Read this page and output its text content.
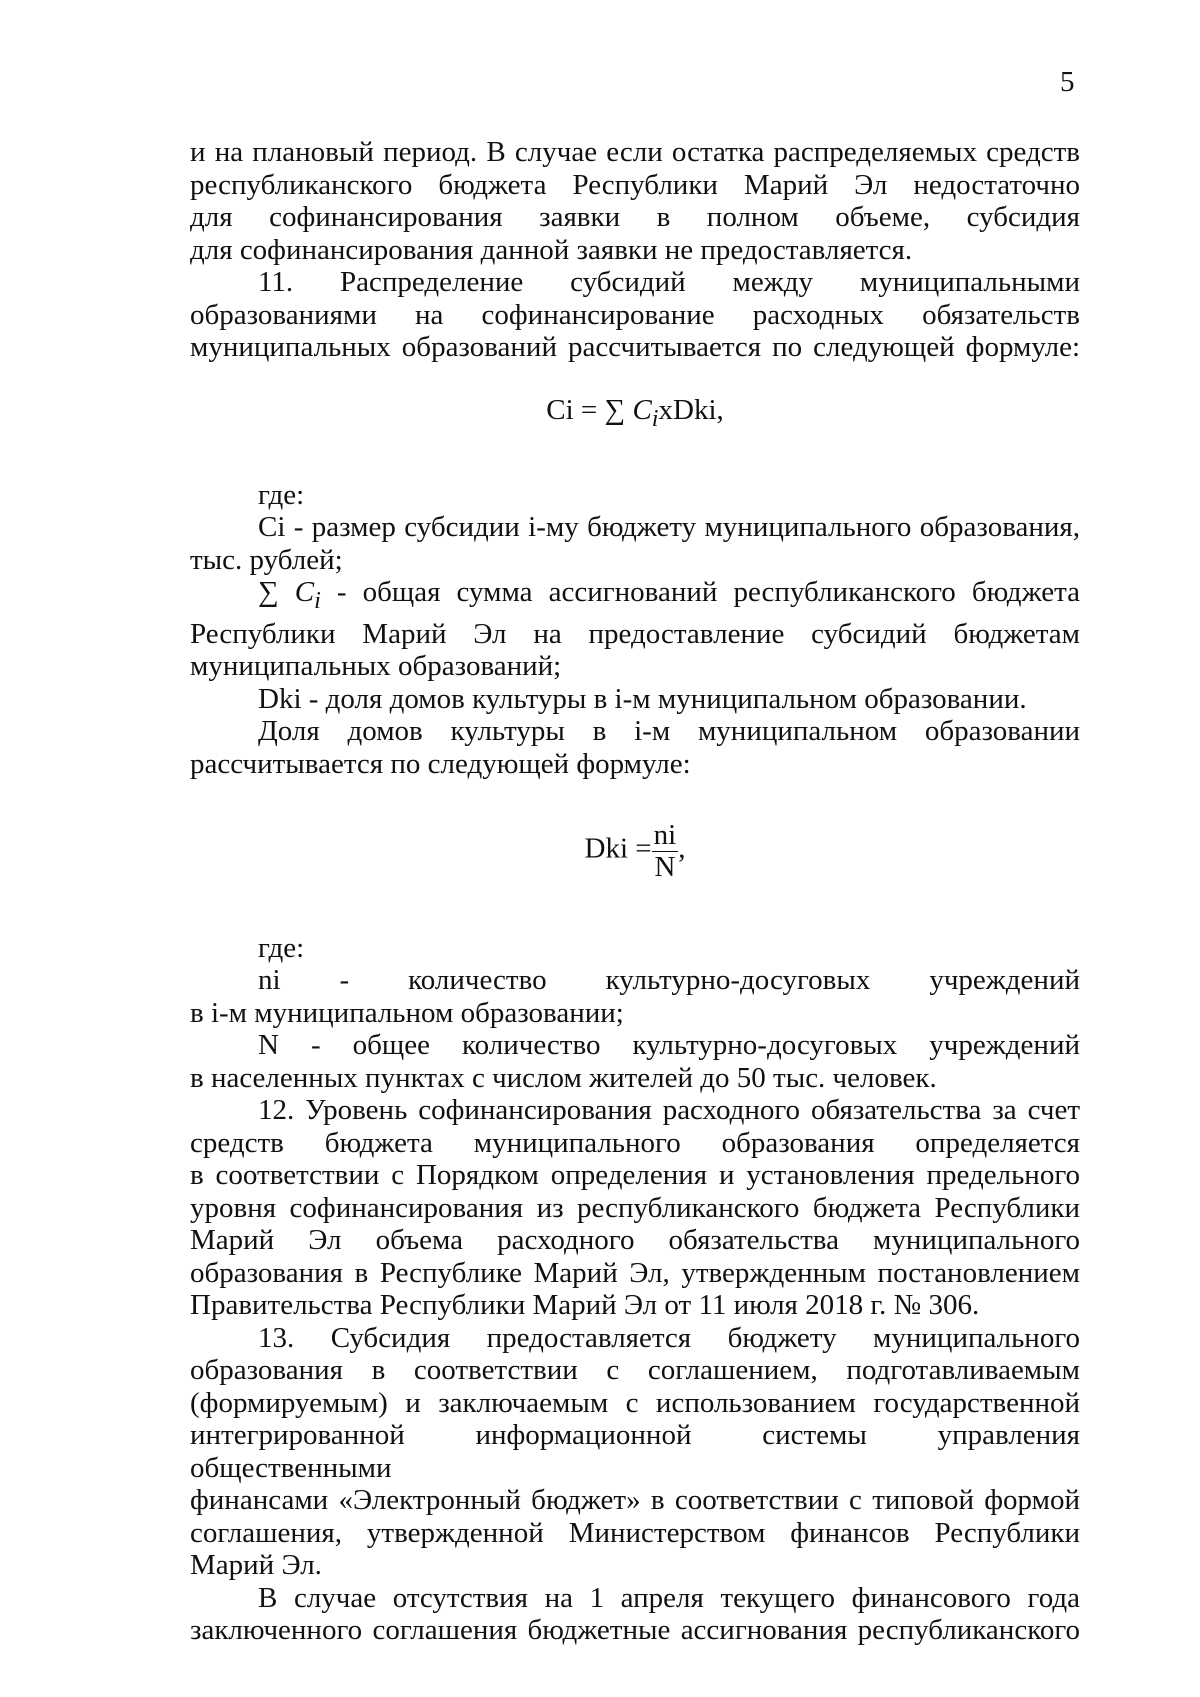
5

и на плановый период. В случае если остатка распределяемых средств

республиканского бюджета Республики Марий Эл недостаточно

для софинансирования заявки в полном объеме, субсидия

для софинансирования данной заявки не предоставляется.

11. Распределение субсидий между муниципальными

образованиями на софинансирование расходных обязательств

муниципальных образований рассчитывается по следующей формуле:

Ci = ∑ $C_ixDki$,

где:

Ci - размер субсидии i-му бюджету муниципального образования,

тыс. рублей;

∑ $C_i$ - общая сумма ассигнований республиканского бюджета

Республики Марий Эл на предоставление субсидий бюджетам

муниципальных образований;

Dki - доля домов культуры в i-м муниципальном образовании.

Доля домов культуры в i-м муниципальном образовании

рассчитывается по следующей формуле:

Dki = $\frac{ni}{N}$ ,

где:

ni - количество культурно-досуговых учреждений

в i-м муниципальном образовании;

N - общее количество культурно-досуговых учреждений

в населенных пунктах с числом жителей до 50 тыс. человек.

12. Уровень софинансирования расходного обязательства за счет

средств бюджета муниципального образования определяется

в соответствии с Порядком определения и установления предельного

уровня софинансирования из республиканского бюджета Республики

Марий Эл объема расходного обязательства муниципального

образования в Республике Марий Эл, утвержденным постановлением

Правительства Республики Марий Эл от 11 июля 2018 г. № 306.

13. Субсидия предоставляется бюджету муниципального

образования в соответствии с соглашением, подготавливаемым

(формируемым) и заключаемым с использованием государственной

интегрированной информационной системы управления общественными

финансами «Электронный бюджет» в соответствии с типовой формой

соглашения, утвержденной Министерством финансов Республики

Марий Эл.

В случае отсутствия на 1 апреля текущего финансового года

заключенного соглашения бюджетные ассигнования республиканского
